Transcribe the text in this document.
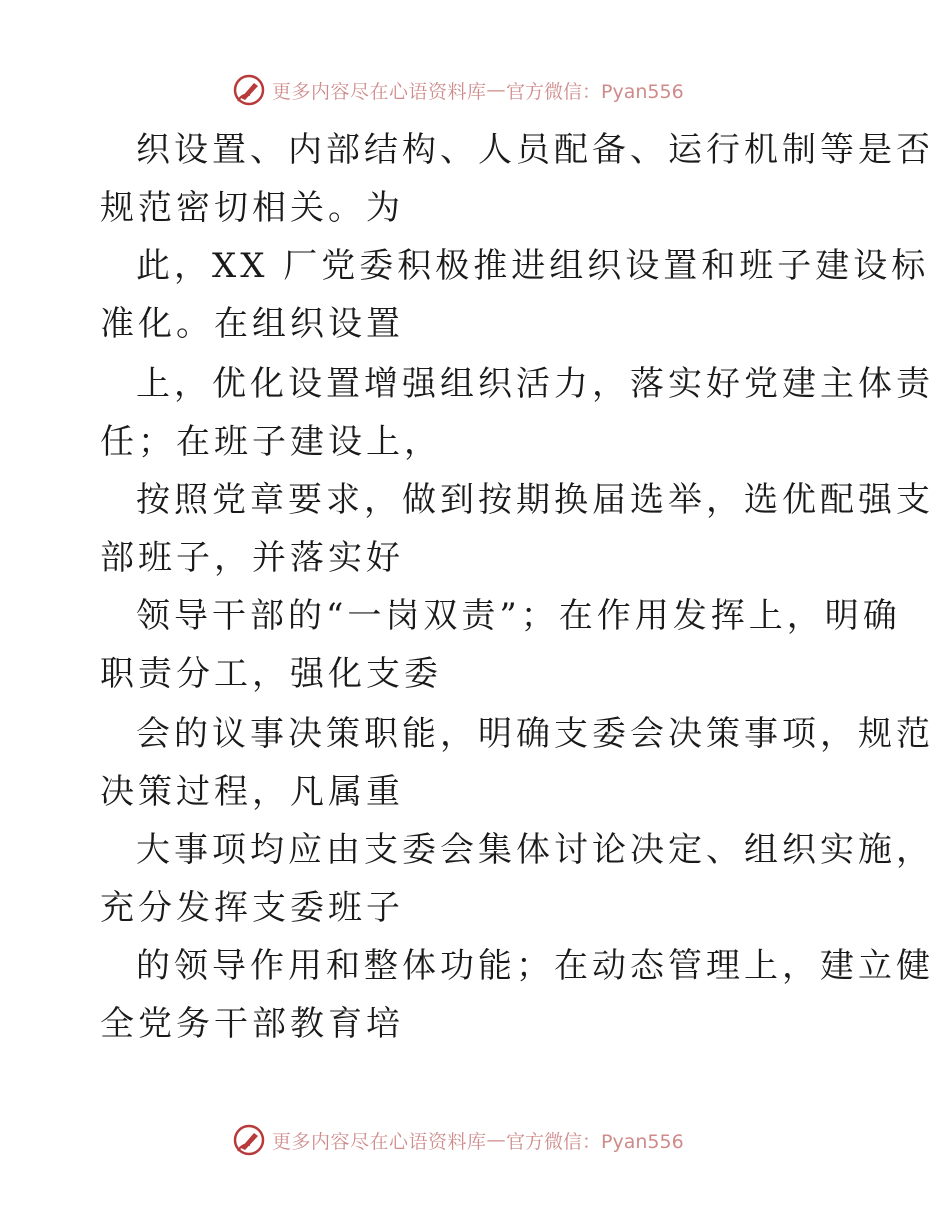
更多内容尽在心语资料库 — 官方微信：Pyan556
织设置、内部结构、人员配备、运行机制等是否
规范密切相关。为
此，XX 厂党委积极推进组织设置和班子建设标
准化。在组织设置
上，优化设置增强组织活力，落实好党建主体责
任；在班子建设上，
按照党章要求，做到按期换届选举，选优配强支
部班子，并落实好
领导干部的“一岗双责”；在作用发挥上，明确
职责分工，强化支委
会的议事决策职能，明确支委会决策事项，规范
决策过程，凡属重
大事项均应由支委会集体讨论决定、组织实施，
充分发挥支委班子
的领导作用和整体功能；在动态管理上，建立健
全党务干部教育培
更多内容尽在心语资料库 — 官方微信：Pyan556
